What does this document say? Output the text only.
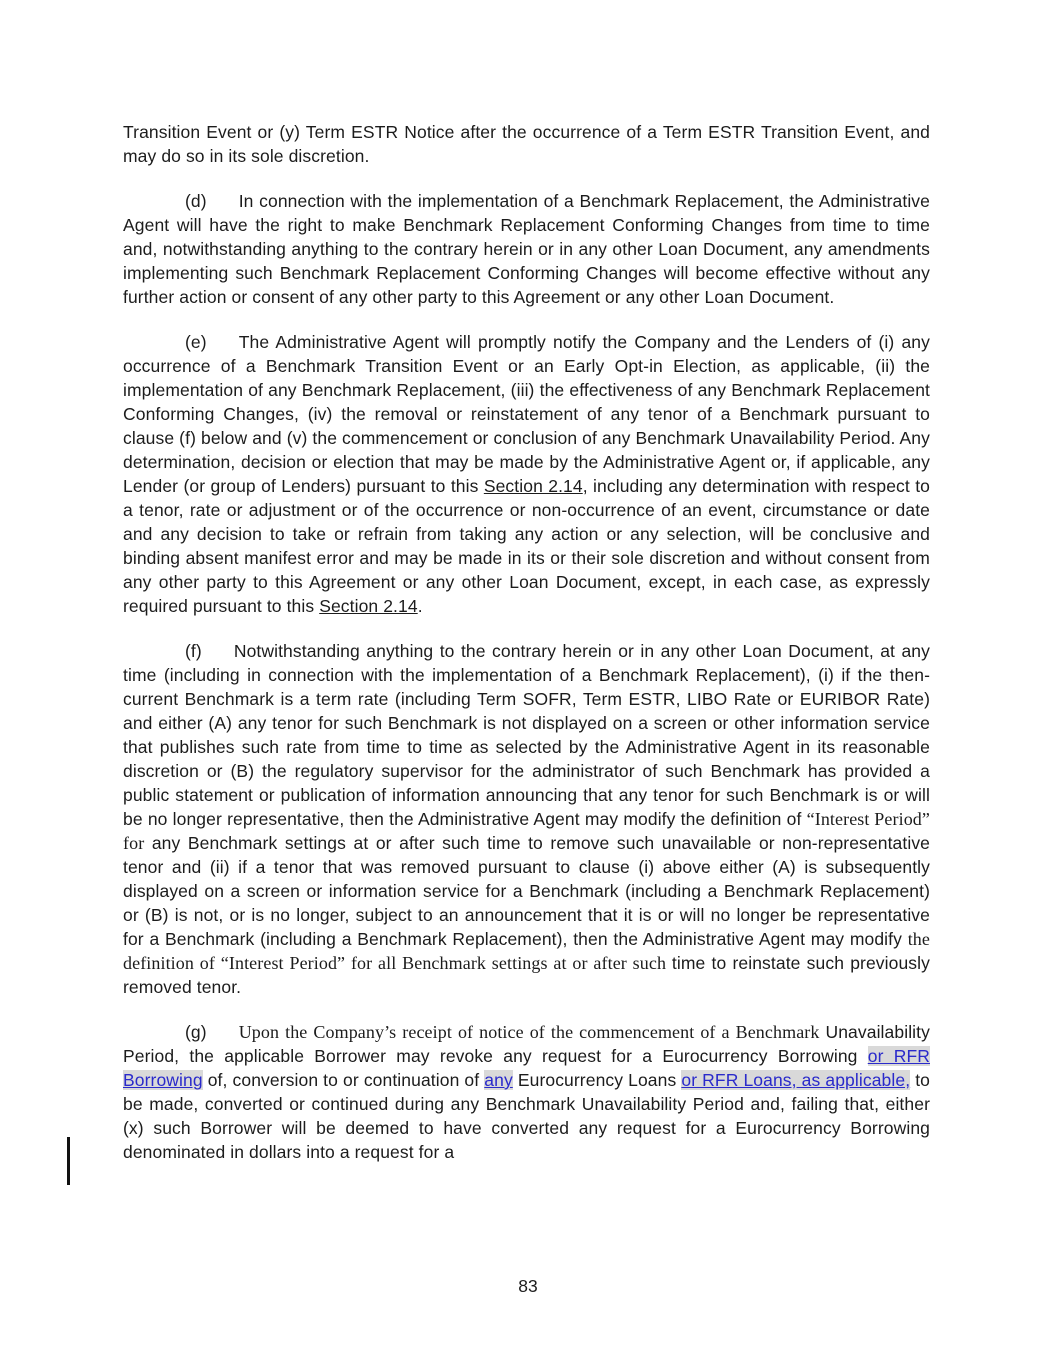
Transition Event or (y) Term ESTR Notice after the occurrence of a Term ESTR Transition Event, and may do so in its sole discretion.

(d) In connection with the implementation of a Benchmark Replacement, the Administrative Agent will have the right to make Benchmark Replacement Conforming Changes from time to time and, notwithstanding anything to the contrary herein or in any other Loan Document, any amendments implementing such Benchmark Replacement Conforming Changes will become effective without any further action or consent of any other party to this Agreement or any other Loan Document.

(e) The Administrative Agent will promptly notify the Company and the Lenders of (i) any occurrence of a Benchmark Transition Event or an Early Opt-in Election, as applicable, (ii) the implementation of any Benchmark Replacement, (iii) the effectiveness of any Benchmark Replacement Conforming Changes, (iv) the removal or reinstatement of any tenor of a Benchmark pursuant to clause (f) below and (v) the commencement or conclusion of any Benchmark Unavailability Period. Any determination, decision or election that may be made by the Administrative Agent or, if applicable, any Lender (or group of Lenders) pursuant to this Section 2.14, including any determination with respect to a tenor, rate or adjustment or of the occurrence or non-occurrence of an event, circumstance or date and any decision to take or refrain from taking any action or any selection, will be conclusive and binding absent manifest error and may be made in its or their sole discretion and without consent from any other party to this Agreement or any other Loan Document, except, in each case, as expressly required pursuant to this Section 2.14.

(f) Notwithstanding anything to the contrary herein or in any other Loan Document, at any time (including in connection with the implementation of a Benchmark Replacement), (i) if the then-current Benchmark is a term rate (including Term SOFR, Term ESTR, LIBO Rate or EURIBOR Rate) and either (A) any tenor for such Benchmark is not displayed on a screen or other information service that publishes such rate from time to time as selected by the Administrative Agent in its reasonable discretion or (B) the regulatory supervisor for the administrator of such Benchmark has provided a public statement or publication of information announcing that any tenor for such Benchmark is or will be no longer representative, then the Administrative Agent may modify the definition of “Interest Period” for any Benchmark settings at or after such time to remove such unavailable or non-representative tenor and (ii) if a tenor that was removed pursuant to clause (i) above either (A) is subsequently displayed on a screen or information service for a Benchmark (including a Benchmark Replacement) or (B) is not, or is no longer, subject to an announcement that it is or will no longer be representative for a Benchmark (including a Benchmark Replacement), then the Administrative Agent may modify the definition of “Interest Period” for all Benchmark settings at or after such time to reinstate such previously removed tenor.

(g) Upon the Company’s receipt of notice of the commencement of a Benchmark Unavailability Period, the applicable Borrower may revoke any request for a Eurocurrency Borrowing or RFR Borrowing of, conversion to or continuation of any Eurocurrency Loans or RFR Loans, as applicable, to be made, converted or continued during any Benchmark Unavailability Period and, failing that, either (x) such Borrower will be deemed to have converted any request for a Eurocurrency Borrowing denominated in dollars into a request for a

83
